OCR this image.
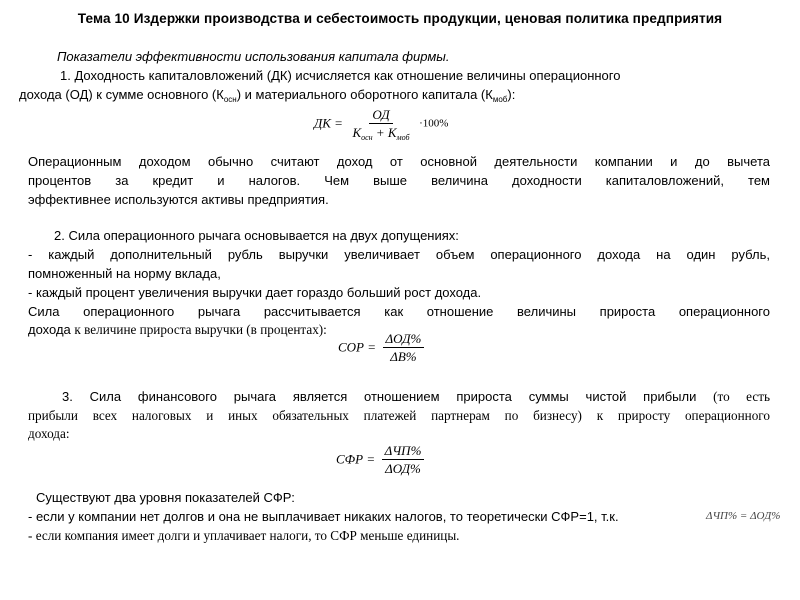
Тема 10 Издержки производства и себестоимость продукции, ценовая политика предприятия
Показатели эффективности использования капитала фирмы.
1. Доходность капиталовложений (ДК) исчисляется как отношение величины операционного
дохода (ОД) к сумме основного $(К_{осн})$ и материального оборотного капитала $(К_{моб})$:
ДК = $\frac{ОД}{К_{осн} + К_{моб}} \cdot 100\%$
Операционным доходом обычно считают доход от основной деятельности компании и до вычета
процентов за кредит и налогов. Чем выше величина доходности капиталовложений, тем
эффективнее используются активы предприятия.
2. Сила операционного рычага основывается на двух допущениях:
- каждый дополнительный рубль выручки увеличивает объем операционного дохода на один рубль,
помноженный на норму вклада,
- каждый процент увеличения выручки дает гораздо больший рост дохода.
Сила операционного рычага рассчитывается как отношение величины прироста операционного
дохода к величине прироста выручки (в процентах):
СОР = $\frac{\text{ΔОД\%}}{\Delta В\%}$
3. Сила финансового рычага является отношением прироста суммы чистой прибыли (то есть
прибыли всех налоговых и иных обязательных платежей партнерам по бизнесу) к приросту операционного
дохода:
СФР = $\frac{\text{ΔЧП\%}}{\text{ΔОД\%}}$
Существуют два уровня показателей СФР:
- если у компании нет долгов и она не выплачивает никаких налогов, то теоретически СФР=1, т.к.	ΔЧП% = ΔОД%
- если компания имеет долги и уплачивает налоги, то СФР меньше единицы.
